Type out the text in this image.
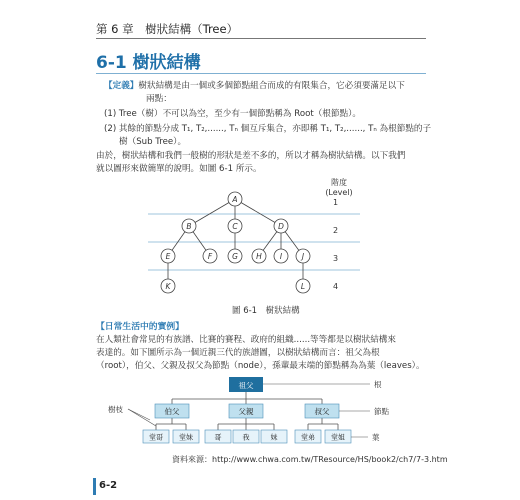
第 6 章　樹狀結構（Tree）
6-1 樹狀結構
【定義】樹狀結構是由一個或多個節點組合而成的有限集合，它必須要滿足以下
兩點：
(1) Tree（樹）不可以為空，至少有一個節點稱為 Root（根節點）。
(2) 其餘的節點分成 T₁, T₂,......, Tₙ 個互斥集合，亦即稱 T₁, T₂,......, Tₙ 為根節點的子
樹（Sub Tree）。
由於，樹狀結構和我們一般樹的形狀是差不多的，所以才稱為樹狀結構。以下我們
就以圖形來做簡單的說明。如圖 6-1 所示。
階度
(Level)
1
2
3
4
A
B	C	D
E	F	G H I	J
K	L
圖 6-1　樹狀結構
【日常生活中的實例】
在人類社會常見的有族譜、比賽的賽程、政府的組織......等等都是以樹狀結構來
表達的。如下圖所示為一個近親三代的族譜圖，以樹狀結構而言：祖父為根
（root），伯父、父親及叔父為節點（node），孫輩最末端的節點稱為為葉（leaves）。
祖父
伯父	父親	叔父
堂哥 堂妹	哥	我	妹	堂弟 堂姐
根
節點
葉
樹枝
資料來源：http://www.chwa.com.tw/TResource/HS/book2/ch7/7-3.htm
6-2
